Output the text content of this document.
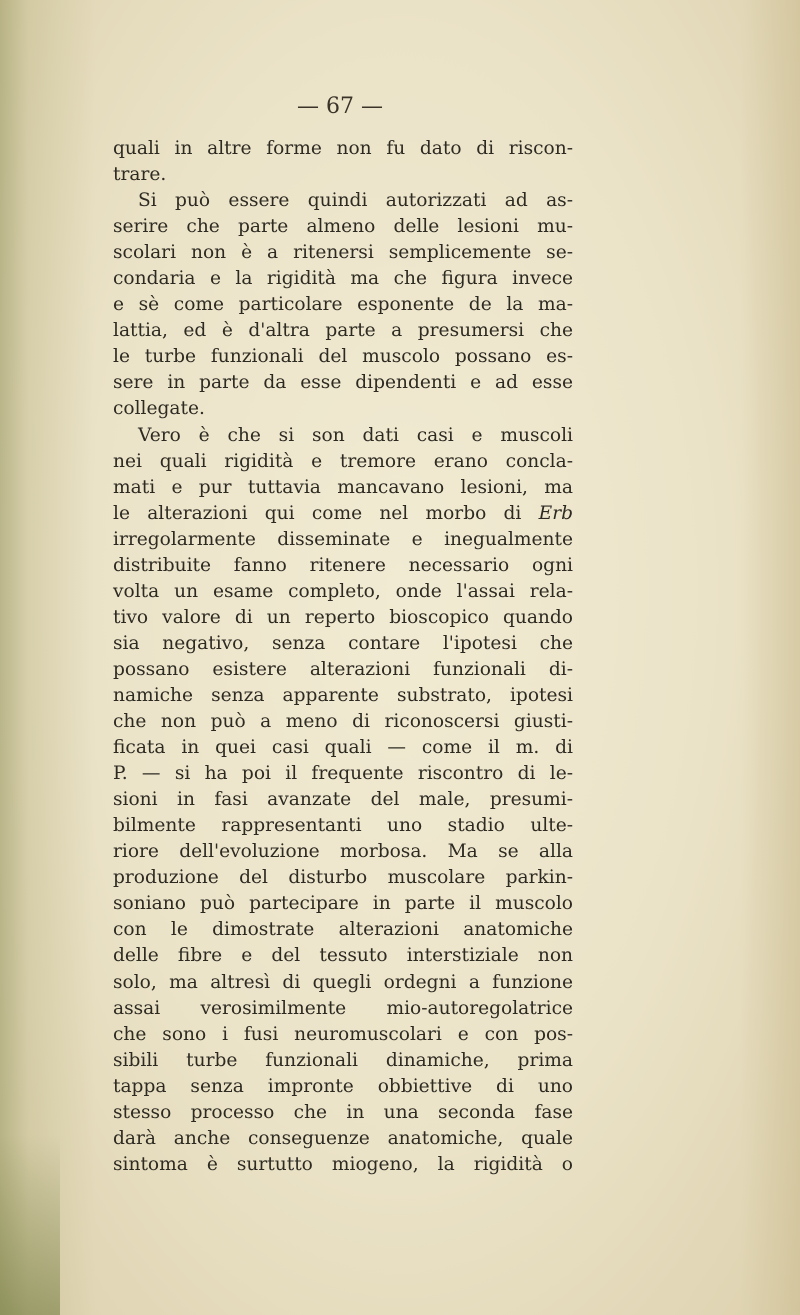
— 67 —
quali in altre forme non fu dato di riscon-
trare.
Si può essere quindi autorizzati ad as-
serire che parte almeno delle lesioni mu-
scolari non è a ritenersi semplicemente se-
condaria e la rigidità ma che figura invece
e sè come particolare esponente de la ma-
lattia, ed è d'altra parte a presumersi che
le turbe funzionali del muscolo possano es-
sere in parte da esse dipendenti e ad esse
collegate.
Vero è che si son dati casi e muscoli
nei quali rigidità e tremore erano concla-
mati e pur tuttavia mancavano lesioni, ma
le alterazioni qui come nel morbo di Erb
irregolarmente disseminate e inegualmente
distribuite fanno ritenere necessario ogni
volta un esame completo, onde l'assai rela-
tivo valore di un reperto bioscopico quando
sia negativo, senza contare l'ipotesi che
possano esistere alterazioni funzionali di-
namiche senza apparente substrato, ipotesi
che non può a meno di riconoscersi giusti-
ficata in quei casi quali — come il m. di
P. — si ha poi il frequente riscontro di le-
sioni in fasi avanzate del male, presumi-
bilmente rappresentanti uno stadio ulte-
riore dell'evoluzione morbosa. Ma se alla
produzione del disturbo muscolare parkin-
soniano può partecipare in parte il muscolo
con le dimostrate alterazioni anatomiche
delle fibre e del tessuto interstiziale non
solo, ma altresì di quegli ordegni a funzione
assai verosimilmente mio-autoregolatrice
che sono i fusi neuromuscolari e con pos-
sibili turbe funzionali dinamiche, prima
tappa senza impronte obbiettive di uno
stesso processo che in una seconda fase
darà anche conseguenze anatomiche, quale
sintoma è surtutto miogeno, la rigidità o
